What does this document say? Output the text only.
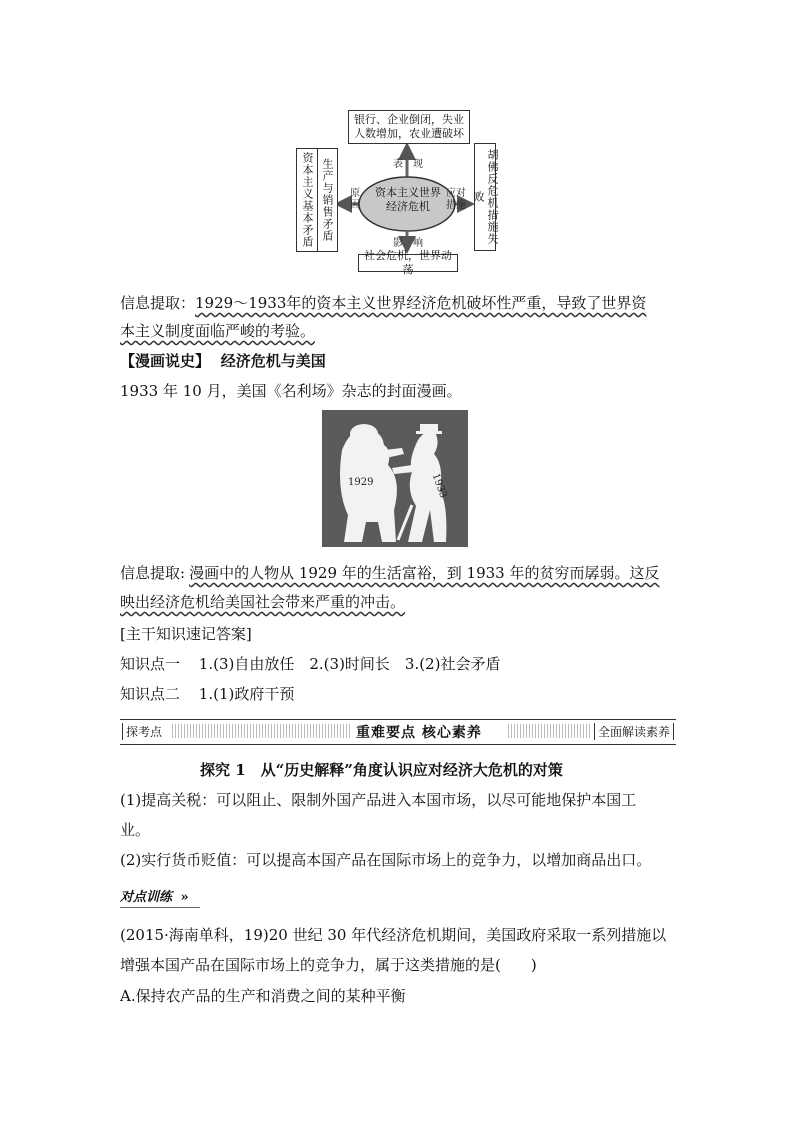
资本主义世界
经济危机
银行、企业倒闭，失业
人数增加，农业遭破坏
社会危机，世界动荡
胡佛反危机措施失败
资本主义基本矛盾 生产与销售矛盾	表　现
影　响
原
因
应对
措施
信息提取：1929～1933年的资本主义世界经济危机破坏性严重，导致了世界资
本主义制度面临严峻的考验。
【漫画说史】 经济危机与美国
1933 年 10 月，美国《名利场》杂志的封面漫画。
1929	1933
信息提取: 漫画中的人物从 1929 年的生活富裕，到 1933 年的贫穷而孱弱。这反
映出经济危机给美国社会带来严重的冲击。
[主干知识速记答案]
知识点一 1.(3)自由放任　2.(3)时间长　3.(2)社会矛盾
知识点二 1.(1)政府干预
探考点	重难要点 核心素养	全面解读素养
探究 1　从“历史解释”角度认识应对经济大危机的对策
(1)提高关税：可以阻止、限制外国产品进入本国市场，以尽可能地保护本国工
业。
(2)实行货币贬值：可以提高本国产品在国际市场上的竞争力，以增加商品出口。
对点训练 »
(2015·海南单科，19)20 世纪 30 年代经济危机期间，美国政府采取一系列措施以
增强本国产品在国际市场上的竞争力，属于这类措施的是(　　)
A.保持农产品的生产和消费之间的某种平衡
